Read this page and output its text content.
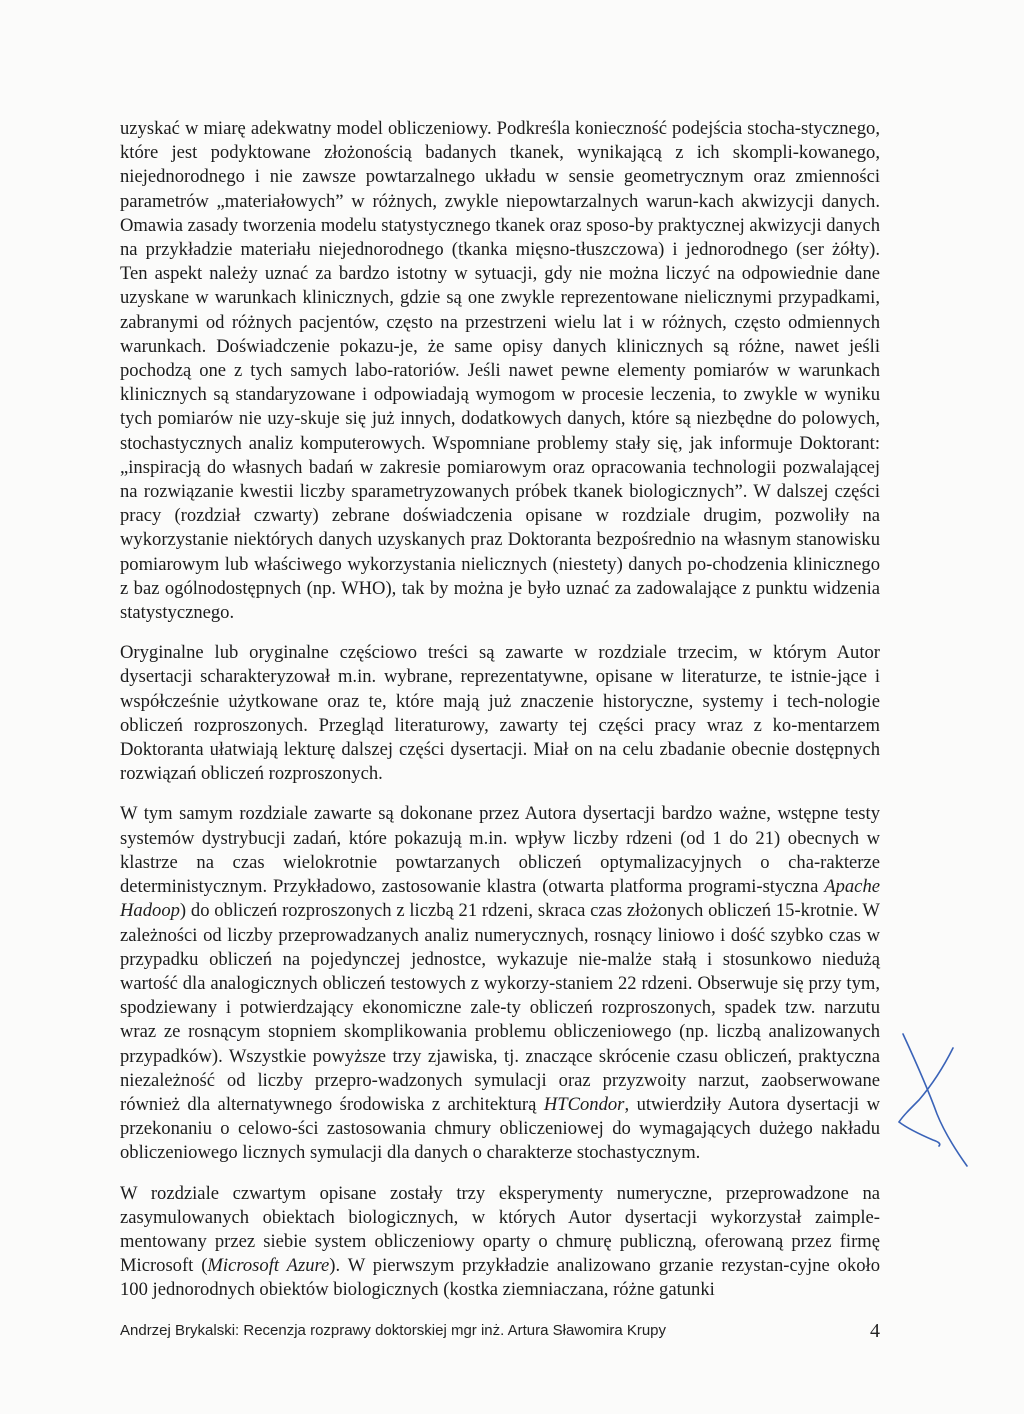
uzyskać w miarę adekwatny model obliczeniowy. Podkreśla konieczność podejścia stocha-stycznego, które jest podyktowane złożonością badanych tkanek, wynikającą z ich skompli-kowanego, niejednorodnego i nie zawsze powtarzalnego układu w sensie geometrycznym oraz zmienności parametrów „materiałowych” w różnych, zwykle niepowtarzalnych warun-kach akwizycji danych. Omawia zasady tworzenia modelu statystycznego tkanek oraz sposo-by praktycznej akwizycji danych na przykładzie materiału niejednorodnego (tkanka mięsno-tłuszczowa) i jednorodnego (ser żółty). Ten aspekt należy uznać za bardzo istotny w sytuacji, gdy nie można liczyć na odpowiednie dane uzyskane w warunkach klinicznych, gdzie są one zwykle reprezentowane nielicznymi przypadkami, zabranymi od różnych pacjentów, często na przestrzeni wielu lat i w różnych, często odmiennych warunkach. Doświadczenie pokazu-je, że same opisy danych klinicznych są różne, nawet jeśli pochodzą one z tych samych labo-ratoriów. Jeśli nawet pewne elementy pomiarów w warunkach klinicznych są standaryzowane i odpowiadają wymogom w procesie leczenia, to zwykle w wyniku tych pomiarów nie uzy-skuje się już innych, dodatkowych danych, które są niezbędne do polowych, stochastycznych analiz komputerowych. Wspomniane problemy stały się, jak informuje Doktorant: „inspiracją do własnych badań w zakresie pomiarowym oraz opracowania technologii pozwalającej na rozwiązanie kwestii liczby sparametryzowanych próbek tkanek biologicznych”. W dalszej części pracy (rozdział czwarty) zebrane doświadczenia opisane w rozdziale drugim, pozwoliły na wykorzystanie niektórych danych uzyskanych praz Doktoranta bezpośrednio na własnym stanowisku pomiarowym lub właściwego wykorzystania nielicznych (niestety) danych po-chodzenia klinicznego z baz ogólnodostępnych (np. WHO), tak by można je było uznać za zadowalające z punktu widzenia statystycznego.

Oryginalne lub oryginalne częściowo treści są zawarte w rozdziale trzecim, w którym Autor dysertacji scharakteryzował m.in. wybrane, reprezentatywne, opisane w literaturze, te istnie-jące i współcześnie użytkowane oraz te, które mają już znaczenie historyczne, systemy i tech-nologie obliczeń rozproszonych. Przegląd literaturowy, zawarty tej części pracy wraz z ko-mentarzem Doktoranta ułatwiają lekturę dalszej części dysertacji. Miał on na celu zbadanie obecnie dostępnych rozwiązań obliczeń rozproszonych.

W tym samym rozdziale zawarte są dokonane przez Autora dysertacji bardzo ważne, wstępne testy systemów dystrybucji zadań, które pokazują m.in. wpływ liczby rdzeni (od 1 do 21) obecnych w klastrze na czas wielokrotnie powtarzanych obliczeń optymalizacyjnych o cha-rakterze deterministycznym. Przykładowo, zastosowanie klastra (otwarta platforma programi-styczna Apache Hadoop) do obliczeń rozproszonych z liczbą 21 rdzeni, skraca czas złożonych obliczeń 15-krotnie. W zależności od liczby przeprowadzanych analiz numerycznych, rosnący liniowo i dość szybko czas w przypadku obliczeń na pojedynczej jednostce, wykazuje nie-malże stałą i stosunkowo niedużą wartość dla analogicznych obliczeń testowych z wykorzy-staniem 22 rdzeni. Obserwuje się przy tym, spodziewany i potwierdzający ekonomiczne zale-ty obliczeń rozproszonych, spadek tzw. narzutu wraz ze rosnącym stopniem skomplikowania problemu obliczeniowego (np. liczbą analizowanych przypadków). Wszystkie powyższe trzy zjawiska, tj. znaczące skrócenie czasu obliczeń, praktyczna niezależność od liczby przepro-wadzonych symulacji oraz przyzwoity narzut, zaobserwowane również dla alternatywnego środowiska z architekturą HTCondor, utwierdziły Autora dysertacji w przekonaniu o celowo-ści zastosowania chmury obliczeniowej do wymagających dużego nakładu obliczeniowego licznych symulacji dla danych o charakterze stochastycznym.

W rozdziale czwartym opisane zostały trzy eksperymenty numeryczne, przeprowadzone na zasymulowanych obiektach biologicznych, w których Autor dysertacji wykorzystał zaimple-mentowany przez siebie system obliczeniowy oparty o chmurę publiczną, oferowaną przez firmę Microsoft (Microsoft Azure). W pierwszym przykładzie analizowano grzanie rezystan-cyjne około 100 jednorodnych obiektów biologicznych (kostka ziemniaczana, różne gatunki

Andrzej Brykalski: Recenzja rozprawy doktorskiej mgr inż. Artura Sławomira Krupy	4
